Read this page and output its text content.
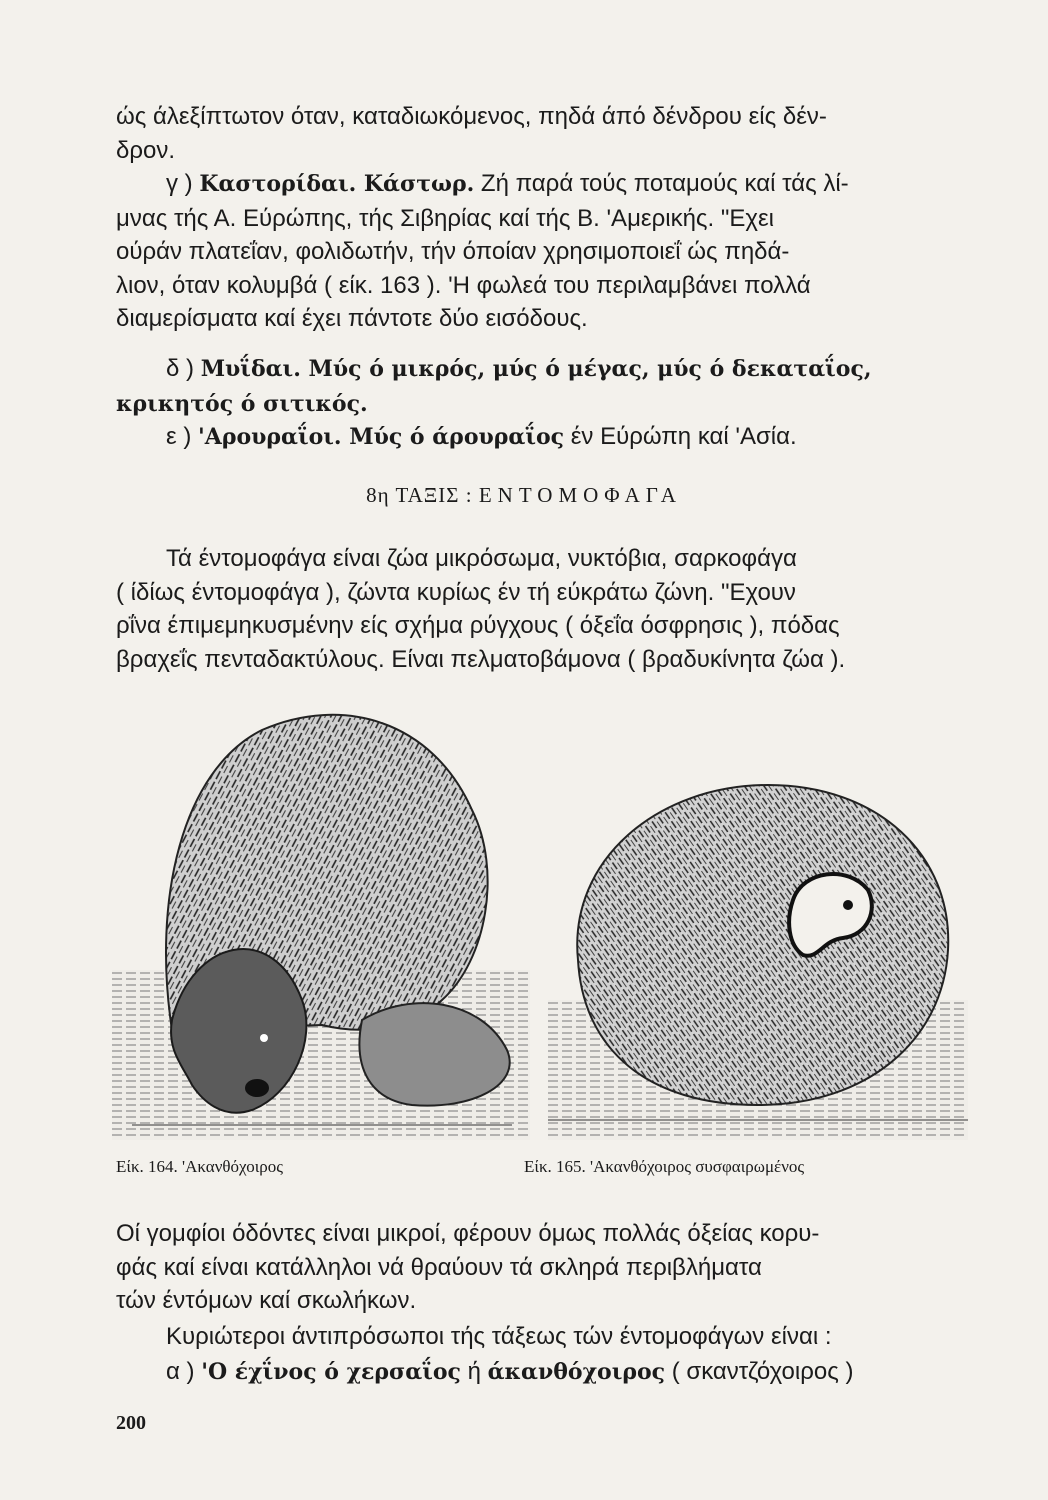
ώς άλεξίπτωτον όταν, καταδιωκόμενος, πηδά άπό δένδρου είς δέν-
δρον.

γ ) Καστορίδαι. Κάστωρ. Ζή παρά τούς ποταμούς καί τάς λί-
μνας τής Α. Εύρώπης, τής Σιβηρίας καί τής Β. 'Αμερικής. "Εχει
ούράν πλατεΐαν, φολιδωτήν, τήν όποίαν χρησιμοποιεΐ ώς πηδά-
λιον, όταν κολυμβά ( είκ. 163 ). 'Η φωλεά του περιλαμβάνει πολλά
διαμερίσματα καί έχει πάντοτε δύο εισόδους.

δ ) Μυΐδαι. Μύς ό μικρός, μύς ό μέγας, μύς ό δεκαταΐος,
κρικητός ό σιτικός.

ε ) 'Αρουραΐοι. Μύς ό άρουραΐος έν Εύρώπη καί 'Ασία.

8η ΤΑΞΙΣ : ΕΝΤΟΜΟΦΑΓΑ

Τά έντομοφάγα είναι ζώα μικρόσωμα, νυκτόβια, σαρκοφάγα
( ίδίως έντομοφάγα ), ζώντα κυρίως έν τή εύκράτω ζώνη. "Εχουν
ρΐνα έπιμεμηκυσμένην είς σχήμα ρύγχους ( όξεΐα όσφρησις ), πόδας
βραχεΐς πενταδακτύλους. Είναι πελματοβάμονα ( βραδυκίνητα ζώα ).

Είκ. 164. 'Ακανθόχοιρος	Είκ. 165. 'Ακανθόχοιρος συσφαιρωμένος

Οί γομφίοι όδόντες είναι μικροί, φέρουν όμως πολλάς όξείας κορυ-
φάς καί είναι κατάλληλοι νά θραύουν τά σκληρά περιβλήματα
τών έντόμων καί σκωλήκων.

Κυριώτεροι άντιπρόσωποι τής τάξεως τών έντομοφάγων είναι :

α ) 'Ο έχΐνος ό χερσαΐος ή άκανθόχοιρος ( σκαντζόχοιρος )

200
